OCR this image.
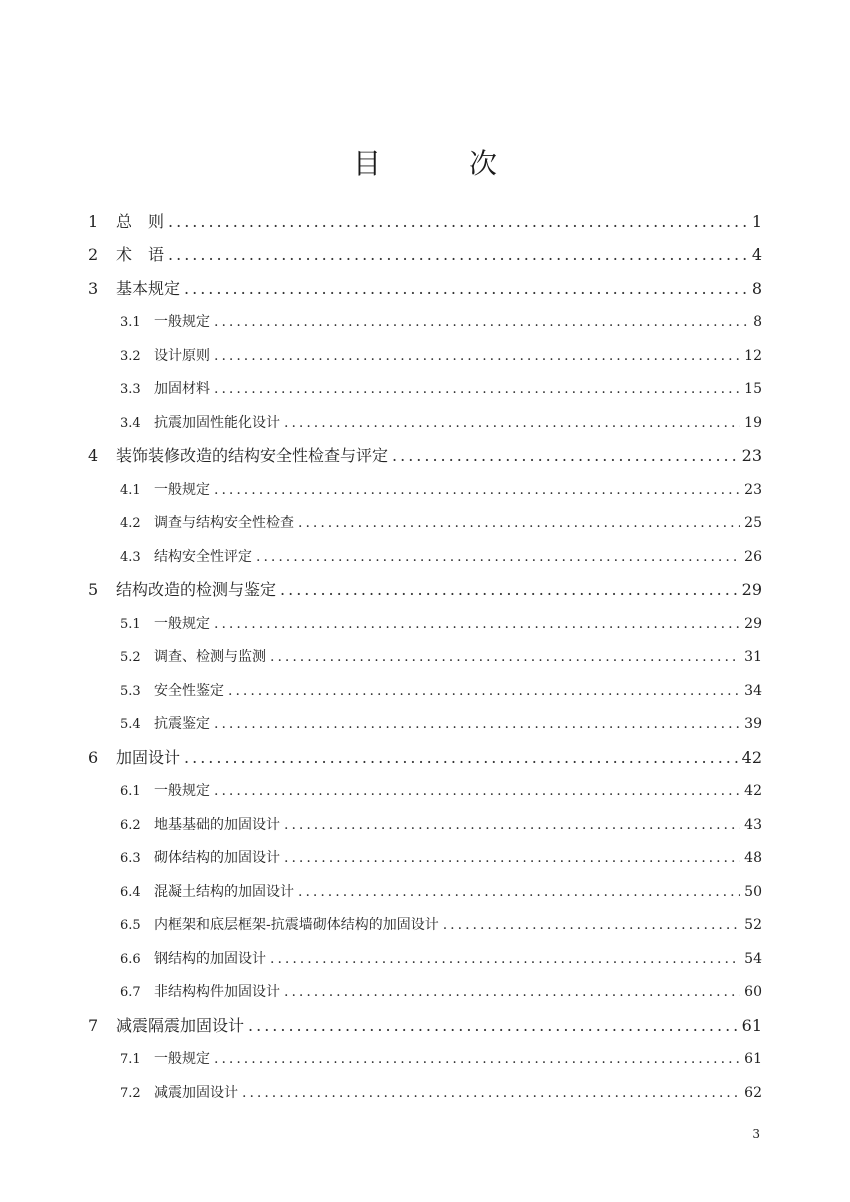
目　次
1	总　则 .....	1
2	术　语 .....	4
3	基本规定 .....	8
3.1 一般规定 .....	8
3.2 设计原则 .....	12
3.3 加固材料 .....	15
3.4 抗震加固性能化设计 .....	19
4	装饰装修改造的结构安全性检查与评定 .....	23
4.1 一般规定 .....	23
4.2 调查与结构安全性检查 .....	25
4.3 结构安全性评定 .....	26
5	结构改造的检测与鉴定 .....	29
5.1 一般规定 .....	29
5.2 调查、检测与监测 .....	31
5.3 安全性鉴定 .....	34
5.4 抗震鉴定 .....	39
6	加固设计 .....	42
6.1 一般规定 .....	42
6.2 地基基础的加固设计 .....	43
6.3 砌体结构的加固设计 .....	48
6.4 混凝土结构的加固设计 .....	50
6.5 内框架和底层框架-抗震墙砌体结构的加固设计 .....	52
6.6 钢结构的加固设计 .....	54
6.7 非结构构件加固设计 .....	60
7	减震隔震加固设计 .....	61
7.1 一般规定 .....	61
7.2 减震加固设计 .....	62
3
